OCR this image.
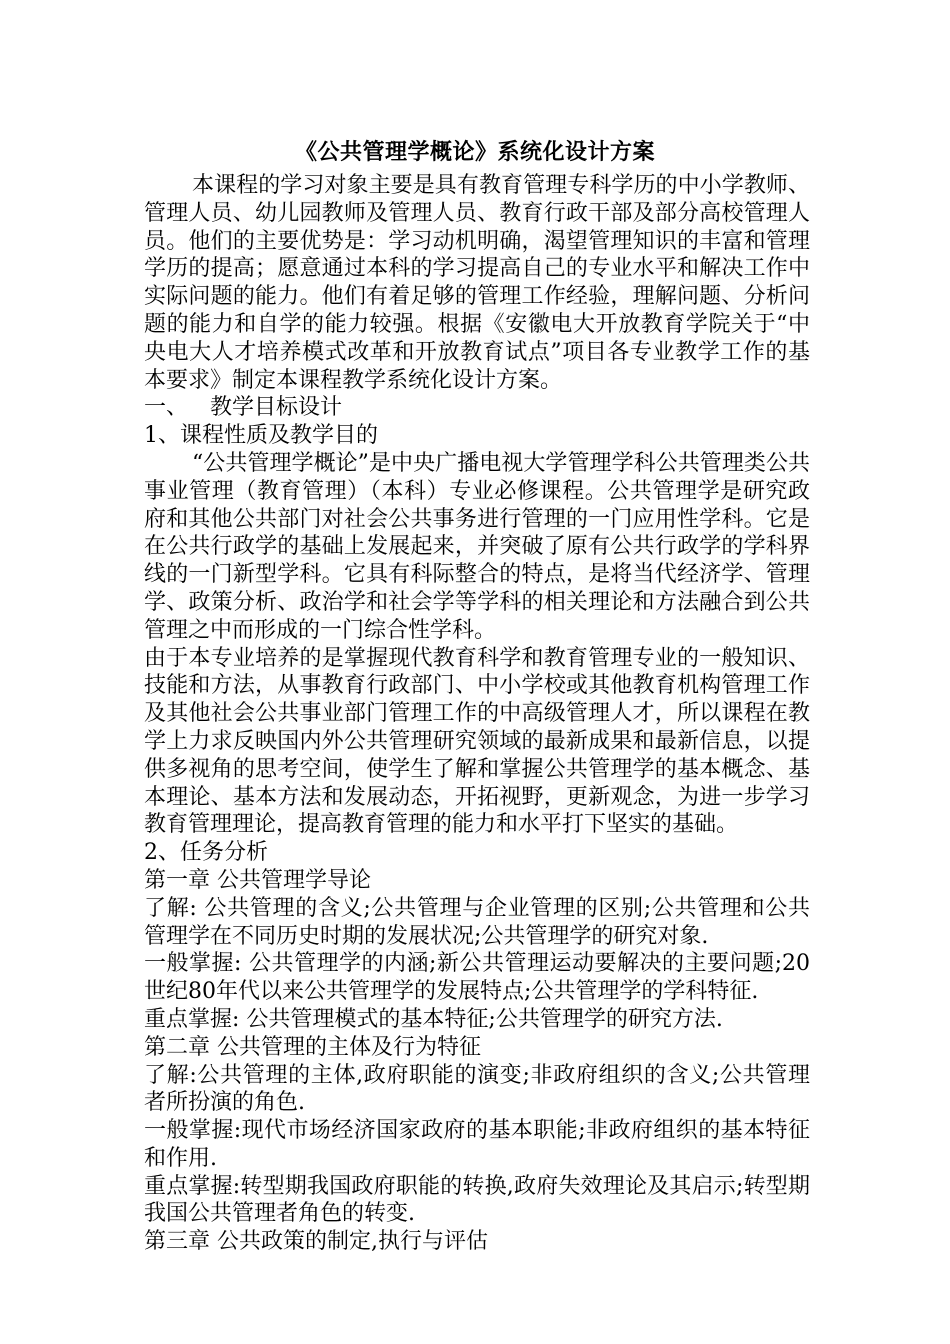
《公共管理学概论》系统化设计方案

本课程的学习对象主要是具有教育管理专科学历的中小学教师、管理人员、幼儿园教师及管理人员、教育行政干部及部分高校管理人员。他们的主要优势是：学习动机明确，渴望管理知识的丰富和管理学历的提高；愿意通过本科的学习提高自己的专业水平和解决工作中实际问题的能力。他们有着足够的管理工作经验，理解问题、分析问题的能力和自学的能力较强。根据《安徽电大开放教育学院关于“中央电大人才培养模式改革和开放教育试点”项目各专业教学工作的基本要求》制定本课程教学系统化设计方案。

一、 教学目标设计

1、课程性质及教学目的

“公共管理学概论”是中央广播电视大学管理学科公共管理类公共事业管理（教育管理）（本科）专业必修课程。公共管理学是研究政府和其他公共部门对社会公共事务进行管理的一门应用性学科。它是在公共行政学的基础上发展起来，并突破了原有公共行政学的学科界线的一门新型学科。它具有科际整合的特点，是将当代经济学、管理学、政策分析、政治学和社会学等学科的相关理论和方法融合到公共管理之中而形成的一门综合性学科。

由于本专业培养的是掌握现代教育科学和教育管理专业的一般知识、技能和方法，从事教育行政部门、中小学校或其他教育机构管理工作及其他社会公共事业部门管理工作的中高级管理人才，所以课程在教学上力求反映国内外公共管理研究领域的最新成果和最新信息，以提供多视角的思考空间，使学生了解和掌握公共管理学的基本概念、基本理论、基本方法和发展动态，开拓视野，更新观念，为进一步学习教育管理理论，提高教育管理的能力和水平打下坚实的基础。

2、任务分析

第一章 公共管理学导论

了解: 公共管理的含义;公共管理与企业管理的区别;公共管理和公共管理学在不同历史时期的发展状况;公共管理学的研究对象.

一般掌握: 公共管理学的内涵;新公共管理运动要解决的主要问题;20世纪80年代以来公共管理学的发展特点;公共管理学的学科特征.

重点掌握: 公共管理模式的基本特征;公共管理学的研究方法.

第二章 公共管理的主体及行为特征

了解:公共管理的主体,政府职能的演变;非政府组织的含义;公共管理者所扮演的角色.

一般掌握:现代市场经济国家政府的基本职能;非政府组织的基本特征和作用.

重点掌握:转型期我国政府职能的转换,政府失效理论及其启示;转型期我国公共管理者角色的转变.

第三章 公共政策的制定,执行与评估
